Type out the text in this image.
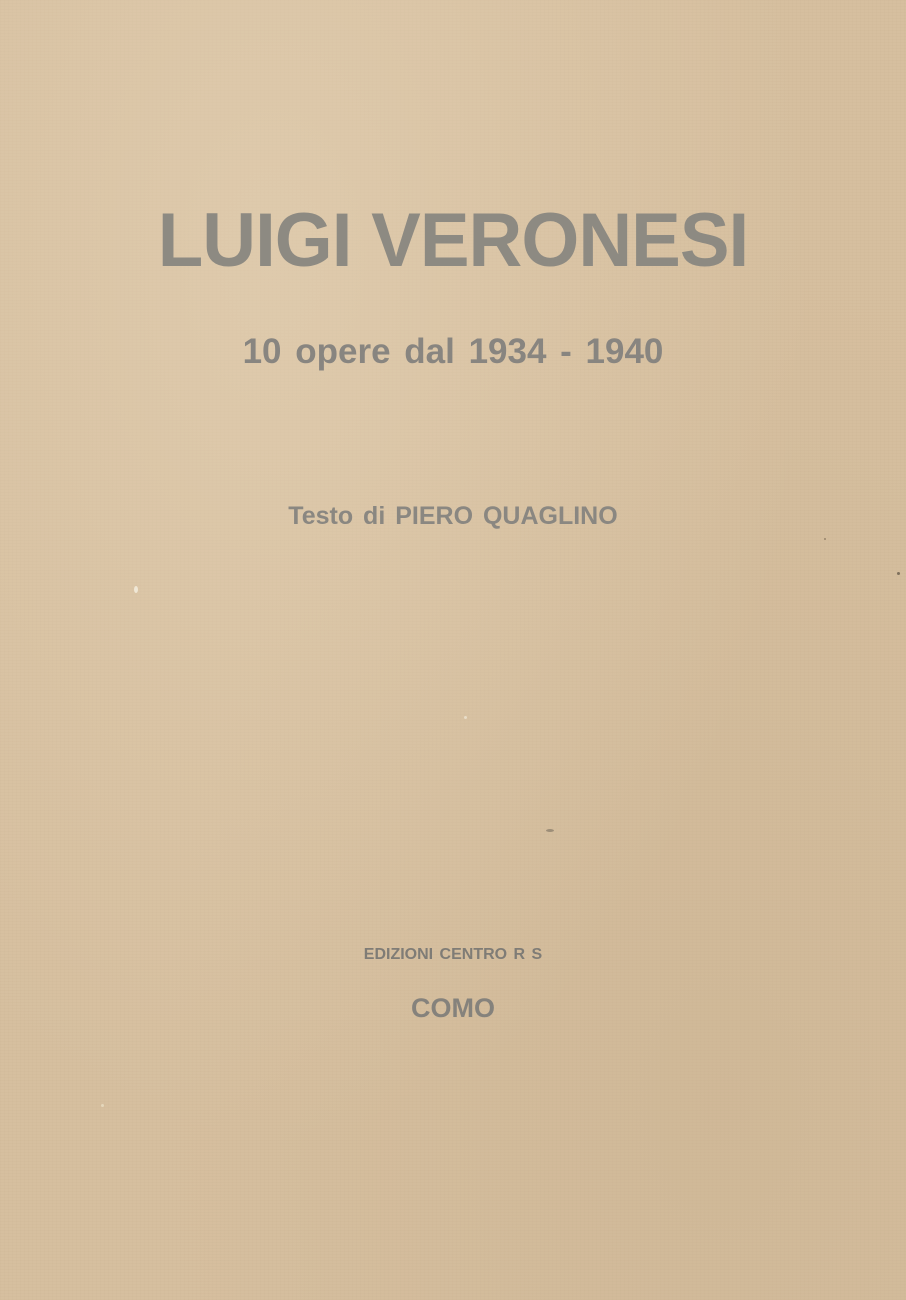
LUIGI VERONESI
10 opere dal 1934 - 1940
Testo di PIERO QUAGLINO
EDIZIONI CENTRO R S
COMO
